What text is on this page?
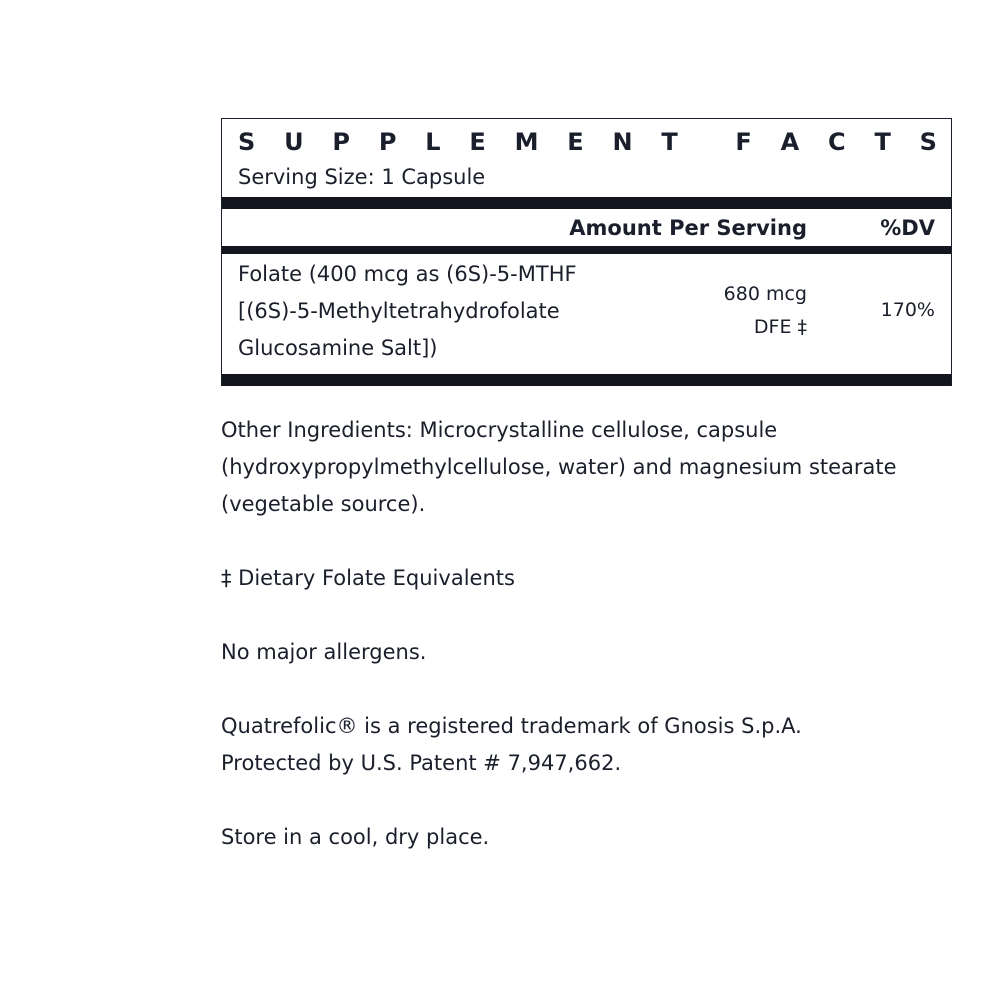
S U P P L E M E N T F A C T S
Serving Size: 1 Capsule
Amount Per Serving	%DV
Folate (400 mcg as (6S)-5-MTHF
[(6S)-5-Methyltetrahydrofolate
Glucosamine Salt])
680 mcg
DFE ‡
170%

Other Ingredients: Microcrystalline cellulose, capsule
(hydroxypropylmethylcellulose, water) and magnesium stearate
(vegetable source).

‡ Dietary Folate Equivalents

No major allergens.

Quatrefolic® is a registered trademark of Gnosis S.p.A.
Protected by U.S. Patent # 7,947,662.

Store in a cool, dry place.
